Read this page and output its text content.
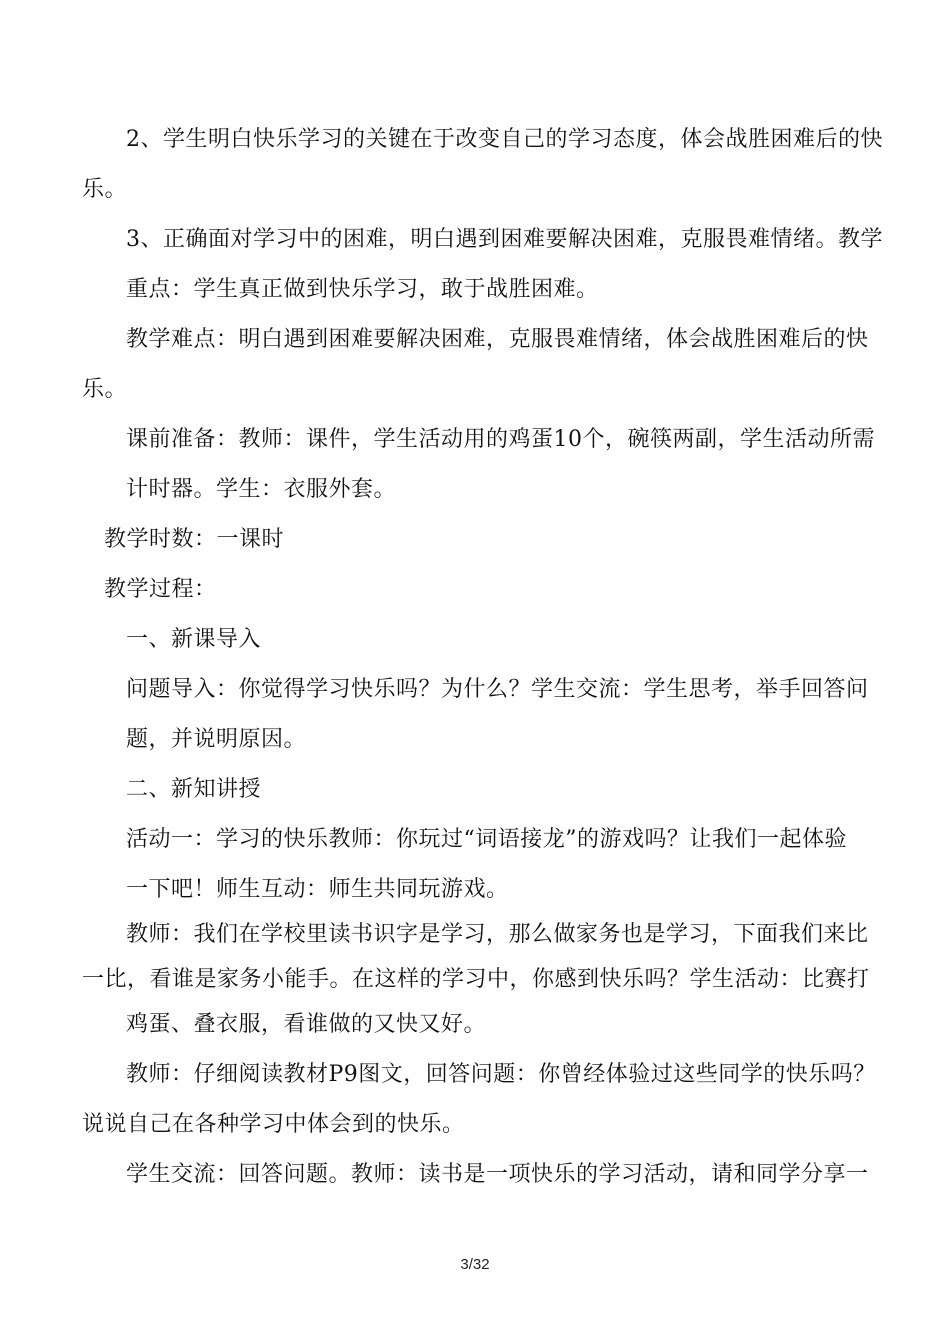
2、学生明白快乐学习的关键在于改变自己的学习态度，体会战胜困难后的快
乐。
3、正确面对学习中的困难，明白遇到困难要解决困难，克服畏难情绪。教学
重点：学生真正做到快乐学习，敢于战胜困难。
教学难点：明白遇到困难要解决困难，克服畏难情绪，体会战胜困难后的快
乐。
课前准备：教师：课件，学生活动用的鸡蛋10个，碗筷两副，学生活动所需
计时器。学生：衣服外套。
教学时数：一课时
教学过程：
一、新课导入
问题导入：你觉得学习快乐吗？为什么？学生交流：学生思考，举手回答问
题，并说明原因。
二、新知讲授
活动一：学习的快乐教师：你玩过“词语接龙”的游戏吗？让我们一起体验
一下吧！师生互动：师生共同玩游戏。
教师：我们在学校里读书识字是学习，那么做家务也是学习，下面我们来比
一比，看谁是家务小能手。在这样的学习中，你感到快乐吗？学生活动：比赛打
鸡蛋、叠衣服，看谁做的又快又好。
教师：仔细阅读教材P9图文，回答问题：你曾经体验过这些同学的快乐吗？
说说自己在各种学习中体会到的快乐。
学生交流：回答问题。教师：读书是一项快乐的学习活动，请和同学分享一
3/32
